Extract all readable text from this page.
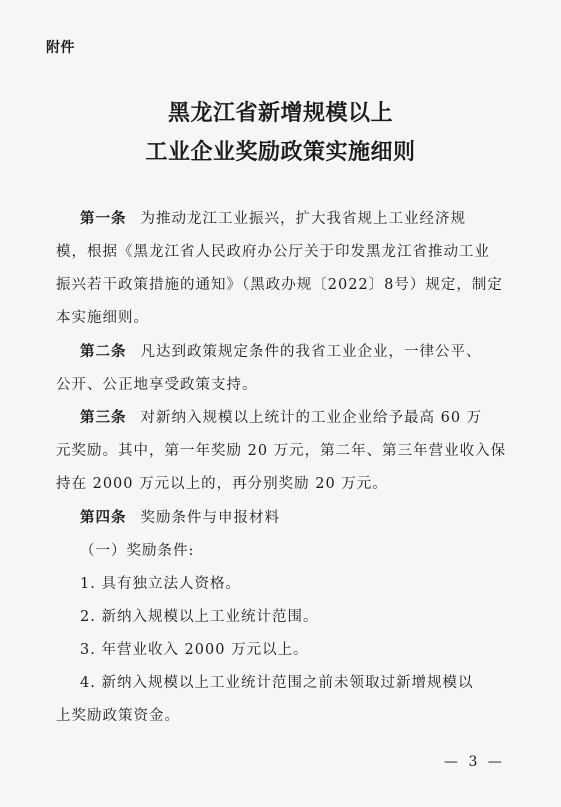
附件
黑龙江省新增规模以上
工业企业奖励政策实施细则
第一条 为推动龙江工业振兴，扩大我省规上工业经济规
模，根据《黑龙江省人民政府办公厅关于印发黑龙江省推动工业
振兴若干政策措施的通知》（黑政办规〔2022〕8号）规定，制定
本实施细则。
第二条 凡达到政策规定条件的我省工业企业，一律公平、
公开、公正地享受政策支持。
第三条 对新纳入规模以上统计的工业企业给予最高 60 万
元奖励。其中，第一年奖励 20 万元，第二年、第三年营业收入保
持在 2000 万元以上的，再分别奖励 20 万元。
第四条 奖励条件与申报材料
（一）奖励条件:
1. 具有独立法人资格。
2. 新纳入规模以上工业统计范围。
3. 年营业收入 2000 万元以上。
4. 新纳入规模以上工业统计范围之前未领取过新增规模以
上奖励政策资金。
— 3 —
